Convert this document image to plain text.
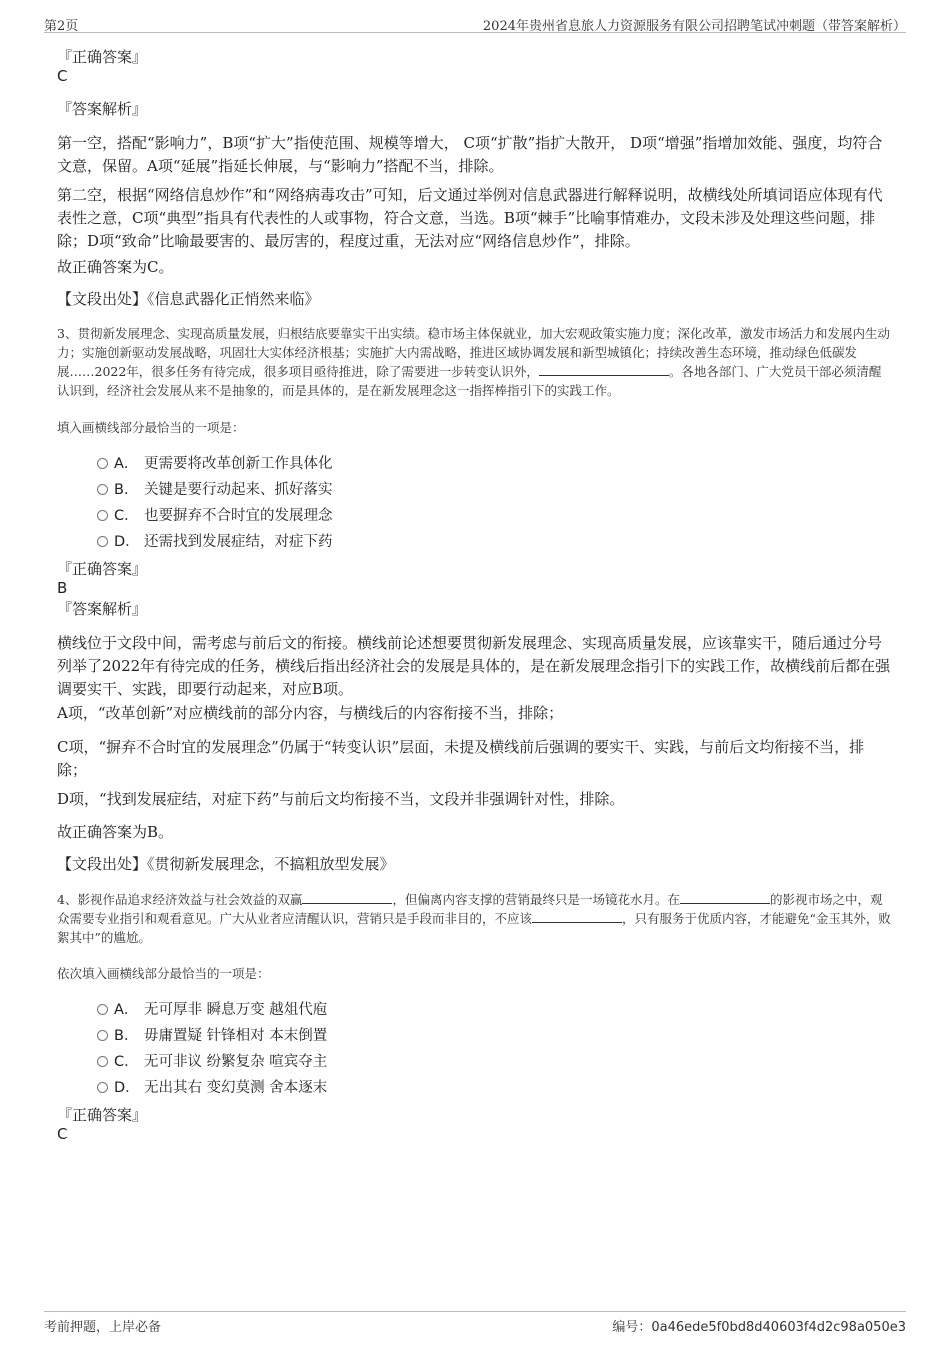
第2页	2024年贵州省息旅人力资源服务有限公司招聘笔试冲刺题（带答案解析）
『正确答案』
C
『答案解析』
第一空，搭配“影响力”，B项“扩大”指使范围、规模等增大， C项“扩散”指扩大散开， D项“增强”指增加效能、强度，均符合文意，保留。A项“延展”指延长伸展，与“影响力”搭配不当，排除。
第二空，根据“网络信息炒作”和“网络病毒攻击”可知，后文通过举例对信息武器进行解释说明，故横线处所填词语应体现有代表性之意，C项“典型”指具有代表性的人或事物，符合文意，当选。B项“棘手”比喻事情难办，文段未涉及处理这些问题，排除；D项“致命”比喻最要害的、最厉害的，程度过重，无法对应“网络信息炒作”，排除。
故正确答案为C。
【文段出处】《信息武器化正悄然来临》
3、贯彻新发展理念、实现高质量发展，归根结底要靠实干出实绩。稳市场主体保就业，加大宏观政策实施力度；深化改革，激发市场活力和发展内生动力；实施创新驱动发展战略，巩固壮大实体经济根基；实施扩大内需战略，推进区域协调发展和新型城镇化；持续改善生态环境，推动绿色低碳发展……2022年，很多任务有待完成，很多项目亟待推进，除了需要进一步转变认识外，	。各地各部门、广大党员干部必须清醒认识到，经济社会发展从来不是抽象的，而是具体的，是在新发展理念这一指挥棒指引下的实践工作。
填入画横线部分最恰当的一项是：
A． 更需要将改革创新工作具体化
B． 关键是要行动起来、抓好落实
C． 也要摒弃不合时宜的发展理念
D． 还需找到发展症结，对症下药
『正确答案』
B
『答案解析』
横线位于文段中间，需考虑与前后文的衔接。横线前论述想要贯彻新发展理念、实现高质量发展，应该靠实干，随后通过分号列举了2022年有待完成的任务，横线后指出经济社会的发展是具体的，是在新发展理念指引下的实践工作，故横线前后都在强调要实干、实践，即要行动起来，对应B项。
A项，“改革创新”对应横线前的部分内容，与横线后的内容衔接不当，排除；
C项，“摒弃不合时宜的发展理念”仍属于“转变认识”层面，未提及横线前后强调的要实干、实践，与前后文均衔接不当，排除；
D项，“找到发展症结，对症下药”与前后文均衔接不当，文段并非强调针对性，排除。
故正确答案为B。
【文段出处】《贯彻新发展理念，不搞粗放型发展》
4、影视作品追求经济效益与社会效益的双赢	，但偏离内容支撑的营销最终只是一场镜花水月。在	的影视市场之中，观众需要专业指引和观看意见。广大从业者应清醒认识，营销只是手段而非目的，不应该	，只有服务于优质内容，才能避免“金玉其外，败絮其中”的尴尬。
依次填入画横线部分最恰当的一项是：
A． 无可厚非 瞬息万变 越俎代庖
B． 毋庸置疑 针锋相对 本末倒置
C． 无可非议 纷繁复杂 喧宾夺主
D． 无出其右 变幻莫测 舍本逐末
『正确答案』
C
考前押题，上岸必备	编号：0a46ede5f0bd8d40603f4d2c98a050e3
